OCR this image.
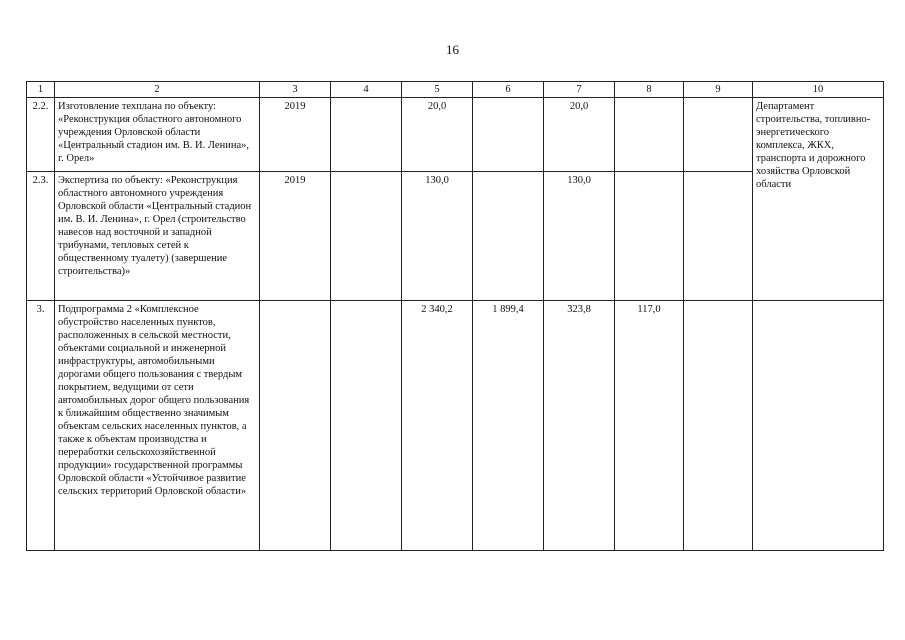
16
1	2	3	4	5	6	7	8	9	10
2.2.	Изготовление техплана по объекту: «Реконструкция областного автономного учреждения Орловской области «Центральный стадион им. В. И. Ленина», г. Орел»	2019		20,0		20,0			Департамент строительства, топливно-энергетического комплекса, ЖКХ, транспорта и дорожного хозяйства Орловской области
2.3.	Экспертиза по объекту: «Реконструкция областного автономного учреждения Орловской области «Центральный стадион им. В. И. Ленина», г. Орел (строительство навесов над восточной и западной трибунами, тепловых сетей к общественному туалету) (завершение строительства)»	2019		130,0		130,0			
3.	Подпрограмма 2 «Комплексное обустройство населенных пунктов, расположенных в сельской местности, объектами социальной и инженерной инфраструктуры, автомобильными дорогами общего пользования с твердым покрытием, ведущими от сети автомобильных дорог общего пользования к ближайшим общественно значимым объектам сельских населенных пунктов, а также к объектам производства и переработки сельскохозяйственной продукции» государственной программы Орловской области «Устойчивое развитие сельских территорий Орловской области»			2 340,2	1 899,4	323,8	117,0		
